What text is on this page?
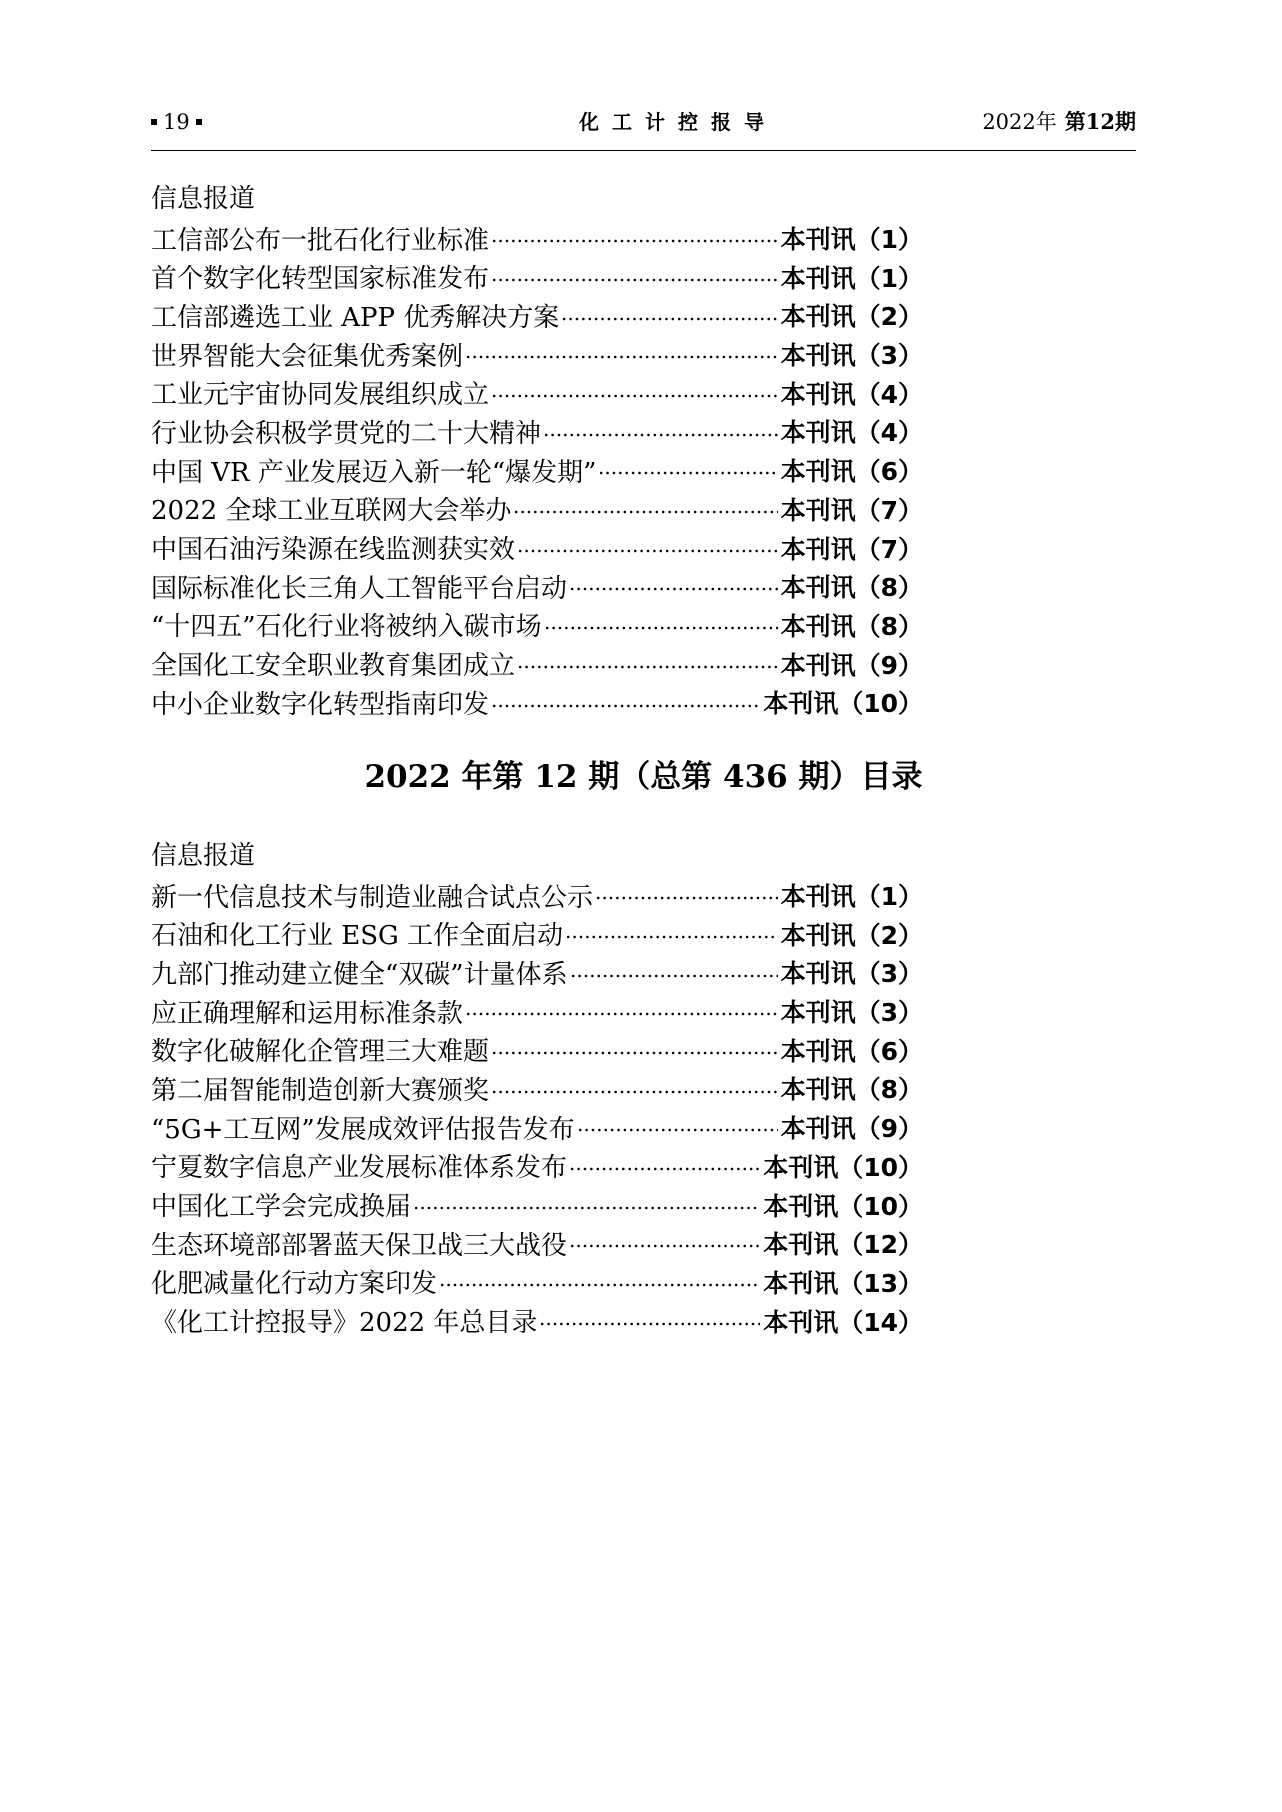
19	化工计控报导	2022年 第12期
信息报道
工信部公布一批石化行业标准	本刊讯 （1）
首个数字化转型国家标准发布	本刊讯 （1）
工信部遴选工业 APP 优秀解决方案	本刊讯 （2）
世界智能大会征集优秀案例	本刊讯 （3）
工业元宇宙协同发展组织成立	本刊讯 （4）
行业协会积极学贯党的二十大精神	本刊讯 （4）
中国 VR 产业发展迈入新一轮“爆发期”	本刊讯 （6）
2022 全球工业互联网大会举办	本刊讯 （7）
中国石油污染源在线监测获实效	本刊讯 （7）
国际标准化长三角人工智能平台启动	本刊讯 （8）
“十四五”石化行业将被纳入碳市场	本刊讯 （8）
全国化工安全职业教育集团成立	本刊讯 （9）
中小企业数字化转型指南印发	本刊讯 （10）
2022 年第 12 期（总第 436 期）目录
信息报道
新一代信息技术与制造业融合试点公示	本刊讯 （1）
石油和化工行业 ESG 工作全面启动	本刊讯 （2）
九部门推动建立健全“双碳”计量体系	本刊讯 （3）
应正确理解和运用标准条款	本刊讯 （3）
数字化破解化企管理三大难题	本刊讯 （6）
第二届智能制造创新大赛颁奖	本刊讯 （8）
“5G+工互网”发展成效评估报告发布	本刊讯 （9）
宁夏数字信息产业发展标准体系发布	本刊讯 （10）
中国化工学会完成换届	本刊讯 （10）
生态环境部部署蓝天保卫战三大战役	本刊讯 （12）
化肥减量化行动方案印发	本刊讯 （13）
《化工计控报导》2022 年总目录	本刊讯 （14）
